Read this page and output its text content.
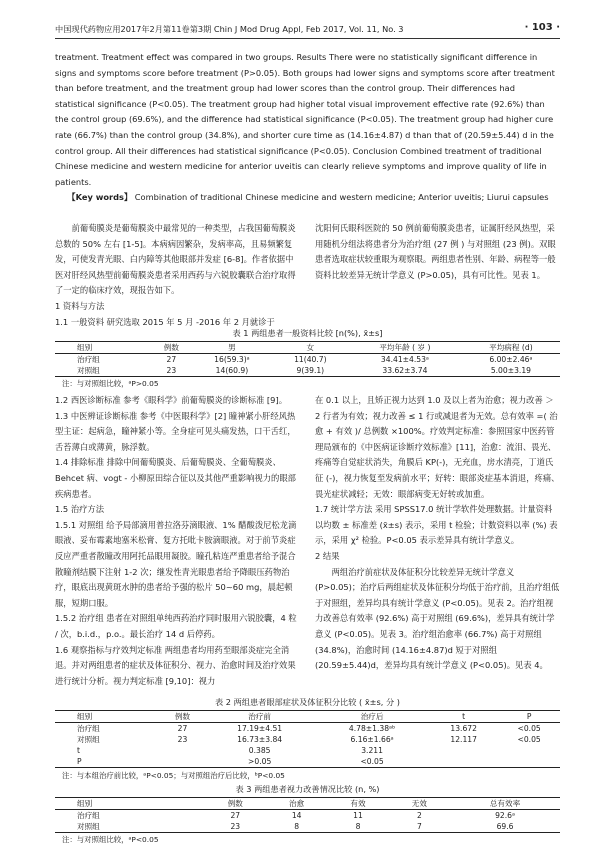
中国现代药物应用2017年2月第11卷第3期 Chin J Mod Drug Appl, Feb 2017, Vol. 11, No. 3	· 103 ·

treatment. Treatment effect was compared in two groups. Results There were no statistically significant difference in signs and symptoms score before treatment (P>0.05). Both groups had lower signs and symptoms score after treatment than before treatment, and the treatment group had lower scores than the control group. Their differences had statistical significance (P<0.05). The treatment group had higher total visual improvement effective rate (92.6%) than the control group (69.6%), and the difference had statistical significance (P<0.05). The treatment group had higher cure rate (66.7%) than the control group (34.8%), and shorter cure time as (14.16±4.87) d than that of (20.59±5.44) d in the control group. All their differences had statistical significance (P<0.05). Conclusion Combined treatment of traditional Chinese medicine and western medicine for anterior uveitis can clearly relieve symptoms and improve quality of life in patients.

【Key words】 Combination of traditional Chinese medicine and western medicine; Anterior uveitis; Liurui capsules

前葡萄膜炎是葡萄膜炎中最常见的一种类型，占我国葡萄膜炎总数的 50% 左右 [1-5]。本病病因繁杂，发病率高，且易频繁复发，可使发青光眼、白内障等其他眼部并发症 [6-8]。作者依据中医对肝经风热型前葡萄膜炎患者采用西药与六锐胶囊联合治疗取得了一定的临床疗效，现报告如下。

1 资料与方法

1.1 一般资料 研究选取 2015 年 5 月 -2016 年 2 月就诊于

沈阳何氏眼科医院的 50 例前葡萄膜炎患者，证属肝经风热型，采用随机分组法将患者分为治疗组 (27 例 ) 与对照组 (23 例)。双眼患者选取症状较重眼为观察眼。两组患者性别、年龄、病程等一般资料比较差异无统计学意义 (P>0.05)，具有可比性。见表 1。

表 1 两组患者一般资料比较 [n(%), x̄±s]
组别	例数	男	女	平均年龄 ( 岁 )	平均病程 (d)
治疗组	27	16(59.3)ᵃ	11(40.7)	34.41±4.53ᵃ	6.00±2.46ᵃ
对照组	23	14(60.9)	9(39.1)	33.62±3.74	5.00±3.19
注：与对照组比较，ᵃP>0.05

1.2 西医诊断标准 参考《眼科学》前葡萄膜炎的诊断标准 [9]。

1.3 中医辨证诊断标准 参考《中医眼科学》[2] 瞳神紧小肝经风热型主证：起病急，瞳神紧小等。全身症可见头痛发热，口干舌红，舌苔薄白或薄黄，脉浮数。

1.4 排除标准 排除中间葡萄膜炎、后葡萄膜炎、全葡萄膜炎、Behcet 病、vogt - 小柳原田综合征以及其他严重影响视力的眼部疾病患者。

1.5 治疗方法

1.5.1 对照组 给予局部滴用普拉洛芬滴眼液、1% 醋酸泼尼松龙滴眼液、妥布霉素地塞米松膏、复方托吡卡胺滴眼液。对于前节炎症反应严重者散瞳改用阿托品眼用凝胶。瞳孔粘连严重患者给予混合散瞳剂结膜下注射 1-2 次；继发性青光眼患者给予降眼压药物治疗，眼底出现黄斑水肿的患者给予强的松片 50~60 mg，晨起顿服，短期口服。

1.5.2 治疗组 患者在对照组单纯西药治疗同时服用六锐胶囊，4 粒 / 次，b.i.d.，p.o.。最长治疗 14 d 后停药。

1.6 观察指标与疗效判定标准 两组患者均用药至眼部炎症完全消退。并对两组患者的症状及体征积分、视力、治愈时间及治疗效果进行统计分析。视力判定标准 [9,10]：视力

在 0.1 以上，且矫正视力达到 1.0 及以上者为治愈；视力改善 ＞ 2 行者为有效；视力改善 ≤ 1 行或减退者为无效。总有效率 =( 治愈 + 有效 )/ 总例数 ×100%。疗效判定标准：参照国家中医药管理局颁布的《中医病证诊断疗效标准》[11]，治愈：流泪、畏光、疼痛等自觉症状消失，角膜后 KP(-)，无充血，房水清亮，丁道氏征 (-)，视力恢复至发病前水平；好转：眼部炎症基本消退，疼痛、畏光症状减轻；无效：眼部病变无好转或加重。

1.7 统计学方法 采用 SPSS17.0 统计学软件处理数据。计量资料以均数 ± 标准差 (x̄±s) 表示，采用 t 检验；计数资料以率 (%) 表示，采用 χ² 检验。P<0.05 表示差异具有统计学意义。

2 结果

两组治疗前症状及体征积分比较差异无统计学意义 (P>0.05)；治疗后两组症状及体征积分均低于治疗前，且治疗组低于对照组，差异均具有统计学意义 (P<0.05)。见表 2。治疗组视力改善总有效率 (92.6%) 高于对照组 (69.6%)，差异具有统计学意义 (P<0.05)。见表 3。治疗组治愈率 (66.7%) 高于对照组 (34.8%)，治愈时间 (14.16±4.87)d 短于对照组 (20.59±5.44)d，差异均具有统计学意义 (P<0.05)。见表 4。

表 2 两组患者眼部症状及体征积分比较 ( x̄±s, 分 )
组别	例数	治疗前	治疗后	t	P
治疗组	27	17.19±4.51	4.78±1.38ᵃᵇ	13.672	<0.05
对照组	23	16.73±3.84	6.16±1.66ᵃ	12.117	<0.05
t		0.385	3.211		
P		>0.05	<0.05		
注：与本组治疗前比较，ᵃP<0.05；与对照组治疗后比较，ᵇP<0.05
表 3 两组患者视力改善情况比较 (n, %)
组别	例数	治愈	有效	无效	总有效率
治疗组	27	14	11	2	92.6ᵃ
对照组	23	8	8	7	69.6
注：与对照组比较，ᵃP<0.05
